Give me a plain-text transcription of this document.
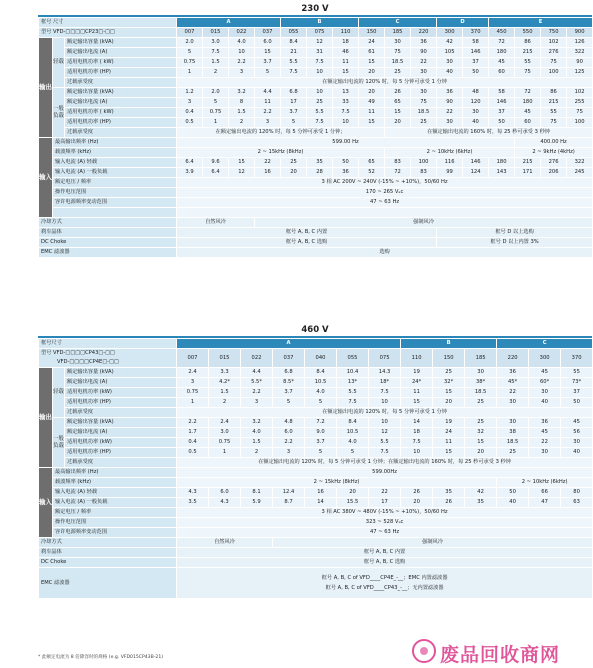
230 V
框号 尺寸			A				B			C			D		E			
型号 VFD-□□□□CP23□-□□			007	015	022	037	055	075	110	150	185	220	300	370	450	550	750	900
输出	轻载	额定输出容量 (kVA)	2.0	3.0	4.0	6.0	8.4	12	18	24	30	36	42	58	72	86	102	126
		额定输出电流 (A)	5	7.5	10	15	21	31	46	61	75	90	105	146	180	215	276	322
		适用电机功率 ( kW)	0.75	1.5	2.2	3.7	5.5	7.5	11	15	18.5	22	30	37	45	55	75	90
		适用电机功率 (HP)	1	2	3	5	7.5	10	15	20	25	30	40	50	60	75	100	125
		过载承受度	在额定输出电流的 120% 时，每 5 分钟可承受 1 分钟															
	一般负载	额定输出容量 (kVA)	1.2	2.0	3.2	4.4	6.8	10	13	20	26	30	36	48	58	72	86	102
		额定输出电流 (A)	3	5	8	11	17	25	33	49	65	75	90	120	146	180	215	255
		适用电机功率 ( kW)	0.4	0.75	1.5	2.2	3.7	5.5	7.5	11	15	18.5	22	30	37	45	55	75
		适用电机功率 (HP)	0.5	1	2	3	5	7.5	10	15	20	25	30	40	50	60	75	100
		过载承受度	在额定输出电流的 120% 时，每 5 分钟可承受 1 分钟；								在额定输出电流的 160% 时，每 25 秒可承受 3 秒钟							
输入	最高输出频率 (Hz)		599.00 Hz													400.00 Hz		
	载波频率 (kHz)		2 ~ 15kHz (8kHz)								2 ~ 10kHz (6kHz)					2 ~ 9kHz (4kHz)		
	输入电流 (A) 轻载		6.4	9.6	15	22	25	35	50	65	83	100	116	146	180	215	276	322
	输入电流 (A) 一般负载		3.9	6.4	12	16	20	28	36	52	72	83	99	124	143	171	206	245
	额定电压 / 频率		3 相 AC 200V ~ 240V (-15% ~ +10%)，50/60 Hz															
	操作电压范围		170 ~ 265 Vₐc															
	容许电源频率变动范围		47 ~ 63 Hz															

冷却方式			自然风冷			强制风冷												
刹车晶体			框号 A, B, C 内置										框号 D 以上选购					
DC Choke			框号 A, B, C 选购										框号 D 以上内置 3%					
EMC 滤波器			选购															
460 V
框号尺寸			A							B			C		

型号 VFD-□□□□CP43□-□□
VFD-□□□□CP4E□-□□			007	015	022	037	040	055	075	110	150	185	220	300	370
输出	轻载	额定输出容量 (kVA)	2.4	3.3	4.4	6.8	8.4	10.4	14.3	19	25	30	36	45	55
		额定输出电流 (A)	3	4.2*	5.5*	8.5*	10.5	13*	18*	24*	32*	38*	45*	60*	73*
		适用电机功率 (kW)	0.75	1.5	2.2	3.7	4.0	5.5	7.5	11	15	18.5	22	30	37
		适用电机功率 (HP)	1	2	3	5	5	7.5	10	15	20	25	30	40	50
		过载承受度	在额定输出电流的 120% 时，每 5 分钟可承受 1 分钟												
	一般负载	额定输出容量 (kVA)	2.2	2.4	3.2	4.8	7.2	8.4	10	14	19	25	30	36	45
		额定输出电流 (A)	1.7	3.0	4.0	6.0	9.0	10.5	12	18	24	32	38	45	56
		适用电机功率 (kW)	0.4	0.75	1.5	2.2	3.7	4.0	5.5	7.5	11	15	18.5	22	30
		适用电机功率 (HP)	0.5	1	2	3	5	5	7.5	10	15	20	25	30	40
		过载承受度	在额定输出电流的 120% 时，每 5 分钟可承受 1 分钟；在额定输出电流的 160% 时，每 25 秒可承受 3 秒钟												
输入	最高输出频率 (Hz)		599.00Hz												
	载波频率 (kHz)		2 ~ 15kHz (8kHz)										2 ~ 10kHz (6kHz)		
	输入电流 (A) 轻载		4.3	6.0	8.1	12.4	16	20	22	26	35	42	50	66	80
	输入电流 (A) 一般负载		3.5	4.3	5.9	8.7	14	15.5	17	20	26	35	40	47	63
	额定电压 / 频率		3 相 AC 380V ~ 480V (-15% ~ +10%)，50/60 Hz												
	操作电压范围		323 ~ 528 Vₐc												
	容许电源频率变动范围		47 ~ 63 Hz												
冷却方式			自然风冷			强制风冷									
刹车晶体			框号 A, B, C 内置												
DC Choke			框号 A, B, C 选购												
EMC 滤波器			框号 A, B, C of VFD____CP4E_-__；EMC 内置滤波器
框号 A, B, C of VFD____CP43_-__；无内置滤波器												
* 此额定电流为 8 倍降容时的规格 (e.g. VFD015CP43B-21)	废品回收商网
